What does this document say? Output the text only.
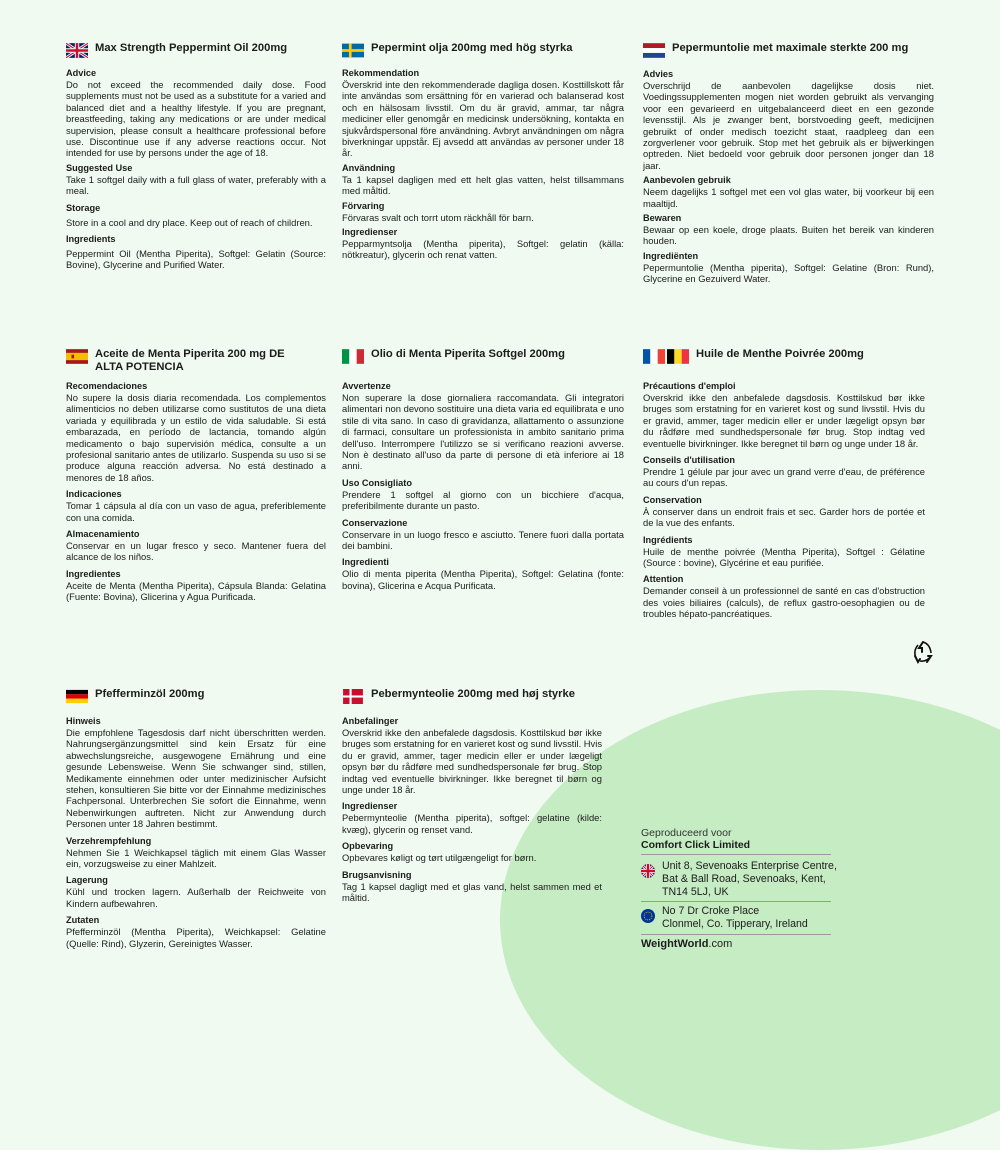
Max Strength Peppermint Oil 200mg
Advice
Do not exceed the recommended daily dose. Food supplements must not be used as a substitute for a varied and balanced diet and a healthy lifestyle. If you are pregnant, breastfeeding, taking any medications or are under medical supervision, please consult a healthcare professional before use. Discontinue use if any adverse reactions occur. Not intended for use by persons under the age of 18.
Suggested Use
Take 1 softgel daily with a full glass of water, preferably with a meal.
Storage
Store in a cool and dry place. Keep out of reach of children.
Ingredients
Peppermint Oil (Mentha Piperita), Softgel: Gelatin (Source: Bovine), Glycerine and Purified Water.
Pepermint olja 200mg med hög styrka
Rekommendation
Överskrid inte den rekommenderade dagliga dosen. Kosttillskott får inte användas som ersättning för en varierad och balanserad kost och en hälsosam livsstil. Om du är gravid, ammar, tar några mediciner eller genomgår en medicinsk undersökning, kontakta en sjukvårdspersonal före användning. Avbryt användningen om några biverkningar uppstår. Ej avsedd att användas av personer under 18 år.
Användning
Ta 1 kapsel dagligen med ett helt glas vatten, helst tillsammans med måltid.
Förvaring
Förvaras svalt och torrt utom räckhåll för barn.
Ingredienser
Pepparmyntsolja (Mentha piperita), Softgel: gelatin (källa: nötkreatur), glycerin och renat vatten.
Pepermuntolie met maximale sterkte 200 mg
Advies
Overschrijd de aanbevolen dagelijkse dosis niet. Voedingssupplementen mogen niet worden gebruikt als vervanging voor een gevarieerd en uitgebalanceerd dieet en een gezonde levensstijl. Als je zwanger bent, borstvoeding geeft, medicijnen gebruikt of onder medisch toezicht staat, raadpleeg dan een zorgverlener voor gebruik. Stop met het gebruik als er bijwerkingen optreden. Niet bedoeld voor gebruik door personen jonger dan 18 jaar.
Aanbevolen gebruik
Neem dagelijks 1 softgel met een vol glas water, bij voorkeur bij een maaltijd.
Bewaren
Bewaar op een koele, droge plaats. Buiten het bereik van kinderen houden.
Ingrediënten
Pepermuntolie (Mentha piperita), Softgel: Gelatine (Bron: Rund), Glycerine en Gezuiverd Water.
Aceite de Menta Piperita 200 mg DE ALTA POTENCIA
Recomendaciones
No supere la dosis diaria recomendada. Los complementos alimenticios no deben utilizarse como sustitutos de una dieta variada y equilibrada y un estilo de vida saludable. Si está embarazada, en período de lactancia, tomando algún medicamento o bajo supervisión médica, consulte a un profesional sanitario antes de utilizarlo. Suspenda su uso si se produce alguna reacción adversa. No está destinado a menores de 18 años.
Indicaciones
Tomar 1 cápsula al día con un vaso de agua, preferiblemente con una comida.
Almacenamiento
Conservar en un lugar fresco y seco. Mantener fuera del alcance de los niños.
Ingredientes
Aceite de Menta (Mentha Piperita), Cápsula Blanda: Gelatina (Fuente: Bovina), Glicerina y Agua Purificada.
Olio di Menta Piperita Softgel 200mg
Avvertenze
Non superare la dose giornaliera raccomandata. Gli integratori alimentari non devono sostituire una dieta varia ed equilibrata e uno stile di vita sano. In caso di gravidanza, allattamento o assunzione di farmaci, consultare un professionista in ambito sanitario prima dell'uso. Interrompere l'utilizzo se si verificano reazioni avverse. Non è destinato all'uso da parte di persone di età inferiore ai 18 anni.
Uso Consigliato
Prendere 1 softgel al giorno con un bicchiere d'acqua, preferibilmente durante un pasto.
Conservazione
Conservare in un luogo fresco e asciutto. Tenere fuori dalla portata dei bambini.
Ingredienti
Olio di menta piperita (Mentha Piperita), Softgel: Gelatina (fonte: bovina), Glicerina e Acqua Purificata.
Huile de Menthe Poivrée 200mg
Précautions d'emploi
Overskrid ikke den anbefalede dagsdosis. Kosttilskud bør ikke bruges som erstatning for en varieret kost og sund livsstil. Hvis du er gravid, ammer, tager medicin eller er under lægeligt opsyn bør du rådføre med sundhedspersonale før brug. Stop indtag ved eventuelle bivirkninger. Ikke beregnet til børn og unge under 18 år.
Conseils d'utilisation
Prendre 1 gélule par jour avec un grand verre d'eau, de préférence au cours d'un repas.
Conservation
À conserver dans un endroit frais et sec. Garder hors de portée et de la vue des enfants.
Ingrédients
Huile de menthe poivrée (Mentha Piperita), Softgel : Gélatine (Source : bovine), Glycérine et eau purifiée.
Attention
Demander conseil à un professionnel de santé en cas d'obstruction des voies biliaires (calculs), de reflux gastro-oesophagien ou de troubles hépato-pancréatiques.
Pfefferminzöl 200mg
Hinweis
Die empfohlene Tagesdosis darf nicht überschritten werden. Nahrungsergänzungsmittel sind kein Ersatz für eine abwechslungsreiche, ausgewogene Ernährung und eine gesunde Lebensweise. Wenn Sie schwanger sind, stillen, Medikamente einnehmen oder unter medizinischer Aufsicht stehen, konsultieren Sie bitte vor der Einnahme medizinisches Fachpersonal. Unterbrechen Sie sofort die Einnahme, wenn Nebenwirkungen auftreten. Nicht zur Anwendung durch Personen unter 18 Jahren bestimmt.
Verzehrempfehlung
Nehmen Sie 1 Weichkapsel täglich mit einem Glas Wasser ein, vorzugsweise zu einer Mahlzeit.
Lagerung
Kühl und trocken lagern. Außerhalb der Reichweite von Kindern aufbewahren.
Zutaten
Pfefferminzöl (Mentha Piperita), Weichkapsel: Gelatine (Quelle: Rind), Glyzerin, Gereinigtes Wasser.
Pebermynteolie 200mg med høj styrke
Anbefalinger
Overskrid ikke den anbefalede dagsdosis. Kosttilskud bør ikke bruges som erstatning for en varieret kost og sund livsstil. Hvis du er gravid, ammer, tager medicin eller er under lægeligt opsyn bør du rådføre med sundhedspersonale før brug. Stop indtag ved eventuelle bivirkninger. Ikke beregnet til børn og unge under 18 år.
Ingredienser
Pebermynteolie (Mentha piperita), softgel: gelatine (kilde: kvæg), glycerin og renset vand.
Opbevaring
Opbevares køligt og tørt utilgængeligt for børn.
Brugsanvisning
Tag 1 kapsel dagligt med et glas vand, helst sammen med et måltid.
Geproduceerd voor
Comfort Click Limited
Unit 8, Sevenoaks Enterprise Centre,
Bat & Ball Road, Sevenoaks, Kent,
TN14 5LJ, UK
No 7 Dr Croke Place
Clonmel, Co. Tipperary, Ireland
WeightWorld.com
